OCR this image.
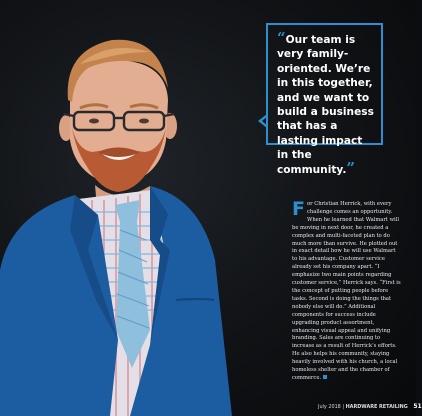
“Our team is very family-oriented. We’re in this together, and we want to build a business that has a lasting impact in the community.”

For Christian Herrick, with every challenge comes an opportunity. When he learned that Walmart will be moving in next door, he created a complex and multi-faceted plan to do much more than survive. He plotted out in exact detail how he will use Walmart to his advantage. Customer service already set his company apart. “I emphasize two main points regarding customer service,” Herrick says. “First is the concept of putting people before tasks. Second is doing the things that nobody else will do.” Additional components for success include upgrading product assortment, enhancing visual appeal and unifying branding. Sales are continuing to increase as a result of Herrick’s efforts. He also helps his community, staying heavily involved with his church, a local homeless shelter and the chamber of commerce.

July 2018 | HARDWARE RETAILING 51
